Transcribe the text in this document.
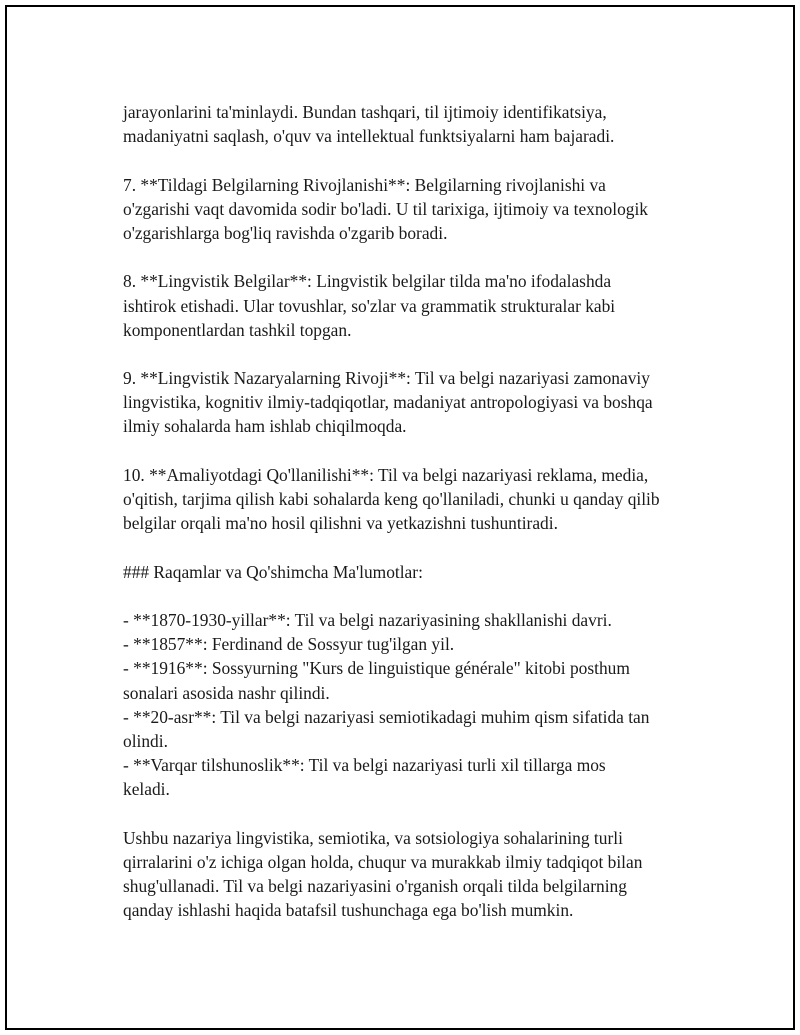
jarayonlarini ta'minlaydi. Bundan tashqari, til ijtimoiy identifikatsiya,
madaniyatni saqlash, o'quv va intellektual funktsiyalarni ham bajaradi.
7. **Tildagi Belgilarning Rivojlanishi**: Belgilarning rivojlanishi va
o'zgarishi vaqt davomida sodir bo'ladi. U til tarixiga, ijtimoiy va texnologik
o'zgarishlarga bog'liq ravishda o'zgarib boradi.
8. **Lingvistik Belgilar**: Lingvistik belgilar tilda ma'no ifodalashda
ishtirok etishadi. Ular tovushlar, so'zlar va grammatik strukturalar kabi
komponentlardan tashkil topgan.
9. **Lingvistik Nazaryalarning Rivoji**: Til va belgi nazariyasi zamonaviy
lingvistika, kognitiv ilmiy-tadqiqotlar, madaniyat antropologiyasi va boshqa
ilmiy sohalarda ham ishlab chiqilmoqda.
10. **Amaliyotdagi Qo'llanilishi**: Til va belgi nazariyasi reklama, media,
o'qitish, tarjima qilish kabi sohalarda keng qo'llaniladi, chunki u qanday qilib
belgilar orqali ma'no hosil qilishni va yetkazishni tushuntiradi.
### Raqamlar va Qo'shimcha Ma'lumotlar:
- **1870-1930-yillar**: Til va belgi nazariyasining shakllanishi davri.
- **1857**: Ferdinand de Sossyur tug'ilgan yil.
- **1916**: Sossyurning "Kurs de linguistique générale" kitobi posthum
sonalari asosida nashr qilindi.
- **20-asr**: Til va belgi nazariyasi semiotikadagi muhim qism sifatida tan
olindi.
- **Varqar tilshunoslik**: Til va belgi nazariyasi turli xil tillarga mos
keladi.
Ushbu nazariya lingvistika, semiotika, va sotsiologiya sohalarining turli
qirralarini o'z ichiga olgan holda, chuqur va murakkab ilmiy tadqiqot bilan
shug'ullanadi. Til va belgi nazariyasini o'rganish orqali tilda belgilarning
qanday ishlashi haqida batafsil tushunchaga ega bo'lish mumkin.
